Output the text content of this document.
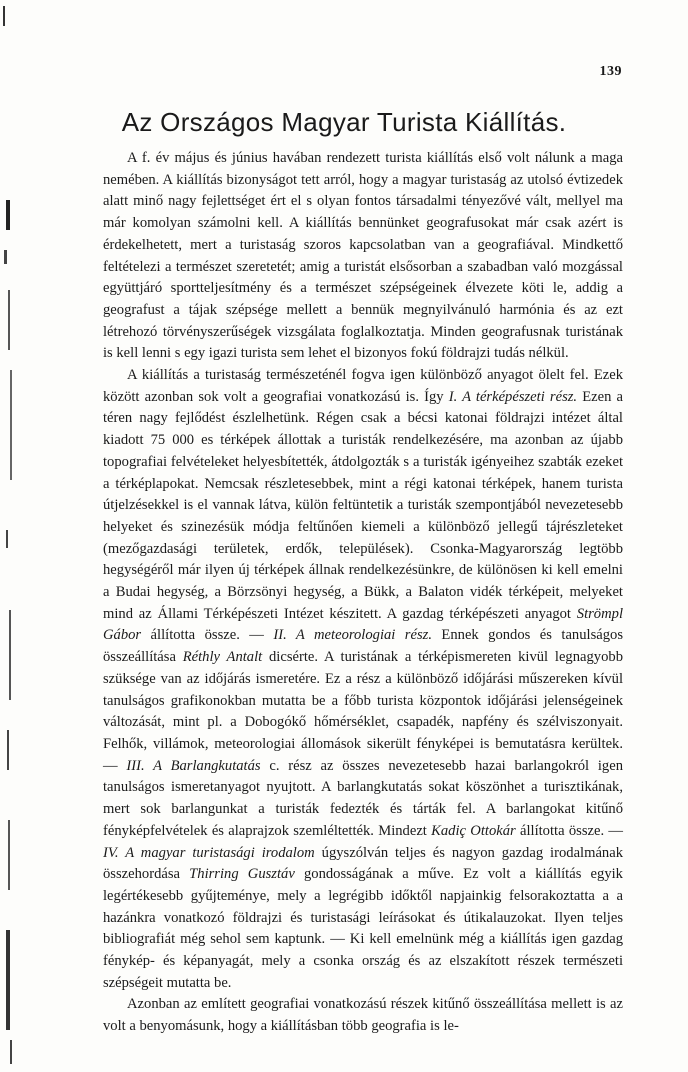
139
Az Országos Magyar Turista Kiállítás.

A f. év május és június havában rendezett turista kiállítás első volt nálunk a maga nemében. A kiállítás bizonyságot tett arról, hogy a magyar turistaság az utolsó évtizedek alatt minő nagy fejlettséget ért el s olyan fontos társadalmi tényezővé vált, mellyel ma már komolyan számolni kell. A kiállítás bennünket geografusokat már csak azért is érdekelhetett, mert a turistaság szoros kapcsolatban van a geografiával. Mindkettő feltételezi a természet szeretetét; amig a turistát elsősorban a szabadban való mozgással együttjáró sportteljesítmény és a természet szépségeinek élvezete köti le, addig a geografust a tájak szépsége mellett a bennük megnyilvánuló harmónia és az ezt létrehozó törvényszerűségek vizsgálata foglalkoztatja. Minden geografusnak turistának is kell lenni s egy igazi turista sem lehet el bizonyos fokú földrajzi tudás nélkül.

A kiállítás a turistaság természeténél fogva igen különböző anyagot ölelt fel. Ezek között azonban sok volt a geografiai vonatkozású is. Így I. A térképészeti rész. Ezen a téren nagy fejlődést észlelhetünk. Régen csak a bécsi katonai földrajzi intézet által kiadott 75 000 es térképek állottak a turisták rendelkezésére, ma azonban az újabb topografiai felvételeket helyesbítették, átdolgozták s a turisták igényeihez szabták ezeket a térképlapokat. Nemcsak részletesebbek, mint a régi katonai térképek, hanem turista útjelzésekkel is el vannak látva, külön feltüntetik a turisták szempontjából nevezetesebb helyeket és szinezésük módja feltűnően kiemeli a különböző jellegű tájrészleteket (mezőgazdasági területek, erdők, települések). Csonka-Magyarország legtöbb hegységéről már ilyen új térképek állnak rendelkezésünkre, de különösen ki kell emelni a Budai hegység, a Börzsönyi hegység, a Bükk, a Balaton vidék térképeit, melyeket mind az Állami Térképészeti Intézet készitett. A gazdag térképészeti anyagot Strömpl Gábor állította össze. — II. A meteorologiai rész. Ennek gondos és tanulságos összeállítása Réthly Antalt dicsérte. A turistának a térképismereten kivül legnagyobb szüksége van az időjárás ismeretére. Ez a rész a különböző időjárási műszereken kívül tanulságos grafikonokban mutatta be a főbb turista központok időjárási jelenségeinek változását, mint pl. a Dobogókő hőmérséklet, csapadék, napfény és szélviszonyait. Felhők, villámok, meteorologiai állomások sikerült fényképei is bemutatásra kerültek. — III. A Barlangkutatás c. rész az összes nevezetesebb hazai barlangokról igen tanulságos ismeretanyagot nyujtott. A barlangkutatás sokat köszönhet a turisztikának, mert sok barlangunkat a turisták fedezték és tárták fel. A barlangokat kitűnő fényképfelvételek és alaprajzok szemléltették. Mindezt Kadiç Ottokár állította össze. — IV. A magyar turistasági irodalom úgyszólván teljes és nagyon gazdag irodalmának összehordása Thirring Gusztáv gondosságának a műve. Ez volt a kiállítás egyik legértékesebb gyűjteménye, mely a legrégibb időktől napjainkig felsorakoztatta a a hazánkra vonatkozó földrajzi és turistasági leírásokat és útikalauzokat. Ilyen teljes bibliografiát még sehol sem kaptunk. — Ki kell emelnünk még a kiállítás igen gazdag fénykép- és képanyagát, mely a csonka ország és az elszakított részek természeti szépségeit mutatta be.

Azonban az említett geografiai vonatkozású részek kitűnő összeállítása mellett is az volt a benyomásunk, hogy a kiállításban több geografia is le-
